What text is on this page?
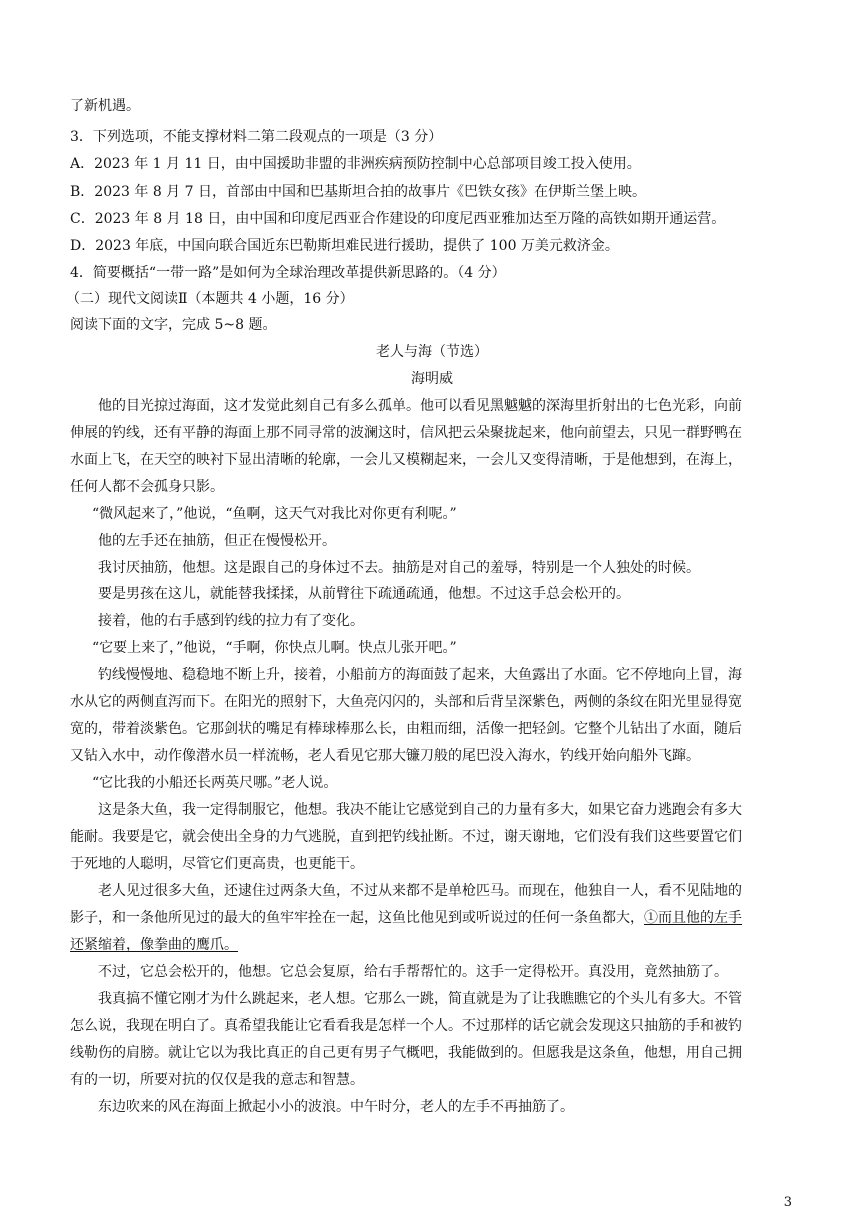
了新机遇。
3．下列选项，不能支撑材料二第二段观点的一项是（3 分）
A．2023 年 1 月 11 日，由中国援助非盟的非洲疾病预防控制中心总部项目竣工投入使用。
B．2023 年 8 月 7 日，首部由中国和巴基斯坦合拍的故事片《巴铁女孩》在伊斯兰堡上映。
C．2023 年 8 月 18 日，由中国和印度尼西亚合作建设的印度尼西亚雅加达至万隆的高铁如期开通运营。
D．2023 年底，中国向联合国近东巴勒斯坦难民进行援助，提供了 100 万美元救济金。
4．简要概括“一带一路”是如何为全球治理改革提供新思路的。（4 分）
（二）现代文阅读Ⅱ（本题共 4 小题，16 分）
阅读下面的文字，完成 5~8 题。
老人与海（节选）
海明威
他的目光掠过海面，这才发觉此刻自己有多么孤单。他可以看见黑魆魆的深海里折射出的七色光彩，向前
伸展的钓线，还有平静的海面上那不同寻常的波澜这时，信风把云朵聚拢起来，他向前望去，只见一群野鸭在
水面上飞，在天空的映衬下显出清晰的轮廓，一会儿又模糊起来，一会儿又变得清晰，于是他想到，在海上，
任何人都不会孤身只影。
“微风起来了，”他说，“鱼啊，这天气对我比对你更有利呢。”
他的左手还在抽筋，但正在慢慢松开。
我讨厌抽筋，他想。这是跟自己的身体过不去。抽筋是对自己的羞辱，特别是一个人独处的时候。
要是男孩在这儿，就能替我揉揉，从前臂往下疏通疏通，他想。不过这手总会松开的。
接着，他的右手感到钓线的拉力有了变化。
“它要上来了，”他说，“手啊，你快点儿啊。快点儿张开吧。”
钓线慢慢地、稳稳地不断上升，接着，小船前方的海面鼓了起来，大鱼露出了水面。它不停地向上冒，海
水从它的两侧直泻而下。在阳光的照射下，大鱼亮闪闪的，头部和后背呈深紫色，两侧的条纹在阳光里显得宽
宽的，带着淡紫色。它那剑状的嘴足有棒球棒那么长，由粗而细，活像一把轻剑。它整个儿钻出了水面，随后
又钻入水中，动作像潜水员一样流畅，老人看见它那大镰刀般的尾巴没入海水，钓线开始向船外飞蹿。
“它比我的小船还长两英尺哪。”老人说。
这是条大鱼，我一定得制服它，他想。我决不能让它感觉到自己的力量有多大，如果它奋力逃跑会有多大
能耐。我要是它，就会使出全身的力气逃脱，直到把钓线扯断。不过，谢天谢地，它们没有我们这些要置它们
于死地的人聪明，尽管它们更高贵，也更能干。
老人见过很多大鱼，还逮住过两条大鱼，不过从来都不是单枪匹马。而现在，他独自一人，看不见陆地的
影子，和一条他所见过的最大的鱼牢牢拴在一起，这鱼比他见到或听说过的任何一条鱼都大，①而且他的左手
还紧缩着，像拳曲的鹰爪。
不过，它总会松开的，他想。它总会复原，给右手帮帮忙的。这手一定得松开。真没用，竟然抽筋了。
我真搞不懂它刚才为什么跳起来，老人想。它那么一跳，简直就是为了让我瞧瞧它的个头儿有多大。不管
怎么说，我现在明白了。真希望我能让它看看我是怎样一个人。不过那样的话它就会发现这只抽筋的手和被钓
线勒伤的肩膀。就让它以为我比真正的自己更有男子气概吧，我能做到的。但愿我是这条鱼，他想，用自己拥
有的一切，所要对抗的仅仅是我的意志和智慧。
东边吹来的风在海面上掀起小小的波浪。中午时分，老人的左手不再抽筋了。
3
